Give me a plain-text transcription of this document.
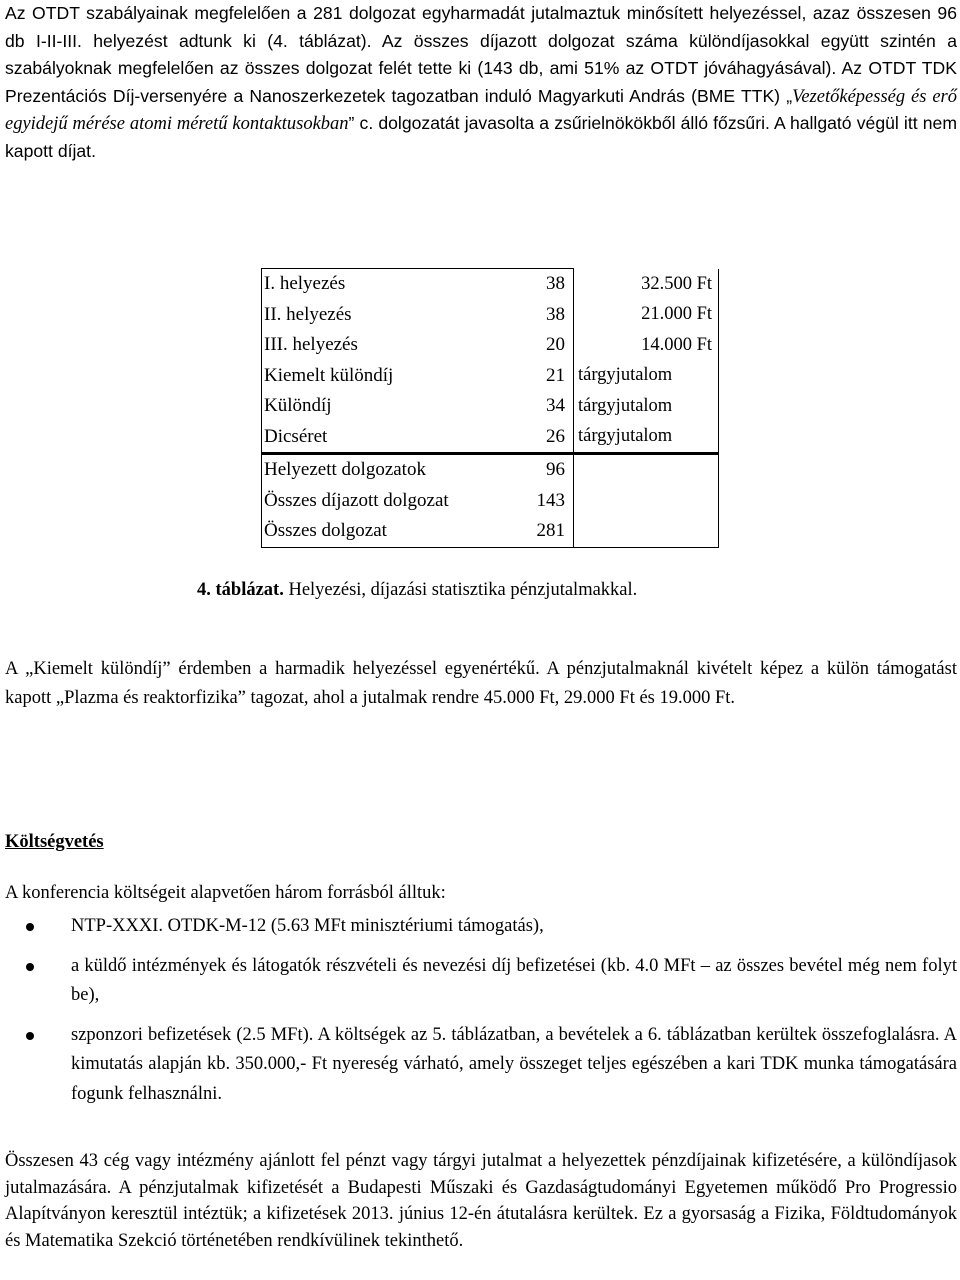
Az OTDT szabályainak megfelelően a 281 dolgozat egyharmadát jutalmaztuk minősített helyezéssel, azaz összesen 96 db I-II-III. helyezést adtunk ki (4. táblázat). Az összes díjazott dolgozat száma különdíjasokkal együtt szintén a szabályoknak megfelelően az összes dolgozat felét tette ki (143 db, ami 51% az OTDT jóváhagyásával). Az OTDT TDK Prezentációs Díj-versenyére a Nanoszerkezetek tagozatban induló Magyarkuti András (BME TTK) „Vezetőképesség és erő egyidejű mérése atomi méretű kontaktusokban” c. dolgozatát javasolta a zsűrielnökökből álló főzsűri. A hallgató végül itt nem kapott díjat.

I. helyezés	38	32.500 Ft
II. helyezés	38	21.000 Ft
III. helyezés	20	14.000 Ft
Kiemelt különdíj	21	tárgyjutalom
Különdíj	34	tárgyjutalom
Dicséret	26	tárgyjutalom
Helyezett dolgozatok	96	
Összes díjazott dolgozat	143	
Összes dolgozat	281	
4. táblázat. Helyezési, díjazási statisztika pénzjutalmakkal.

A „Kiemelt különdíj” érdemben a harmadik helyezéssel egyenértékű. A pénzjutalmaknál kivételt képez a külön támogatást kapott „Plazma és reaktorfizika” tagozat, ahol a jutalmak rendre 45.000 Ft, 29.000 Ft és 19.000 Ft.

Költségvetés
A konferencia költségeit alapvetően három forrásból álltuk:
NTP-XXXI. OTDK-M-12 (5.63 MFt minisztériumi támogatás),
a küldő intézmények és látogatók részvételi és nevezési díj befizetései (kb. 4.0 MFt – az összes bevétel még nem folyt be),
szponzori befizetések (2.5 MFt). A költségek az 5. táblázatban, a bevételek a 6. táblázatban kerültek összefoglalásra. A kimutatás alapján kb. 350.000,- Ft nyereség várható, amely összeget teljes egészében a kari TDK munka támogatására fogunk felhasználni.

Összesen 43 cég vagy intézmény ajánlott fel pénzt vagy tárgyi jutalmat a helyezettek pénzdíjainak kifizetésére, a különdíjasok jutalmazására. A pénzjutalmak kifizetését a Budapesti Műszaki és Gazdaságtudományi Egyetemen működő Pro Progressio Alapítványon keresztül intéztük; a kifizetések 2013. június 12-én átutalásra kerültek. Ez a gyorsaság a Fizika, Földtudományok és Matematika Szekció történetében rendkívülinek tekinthető.
